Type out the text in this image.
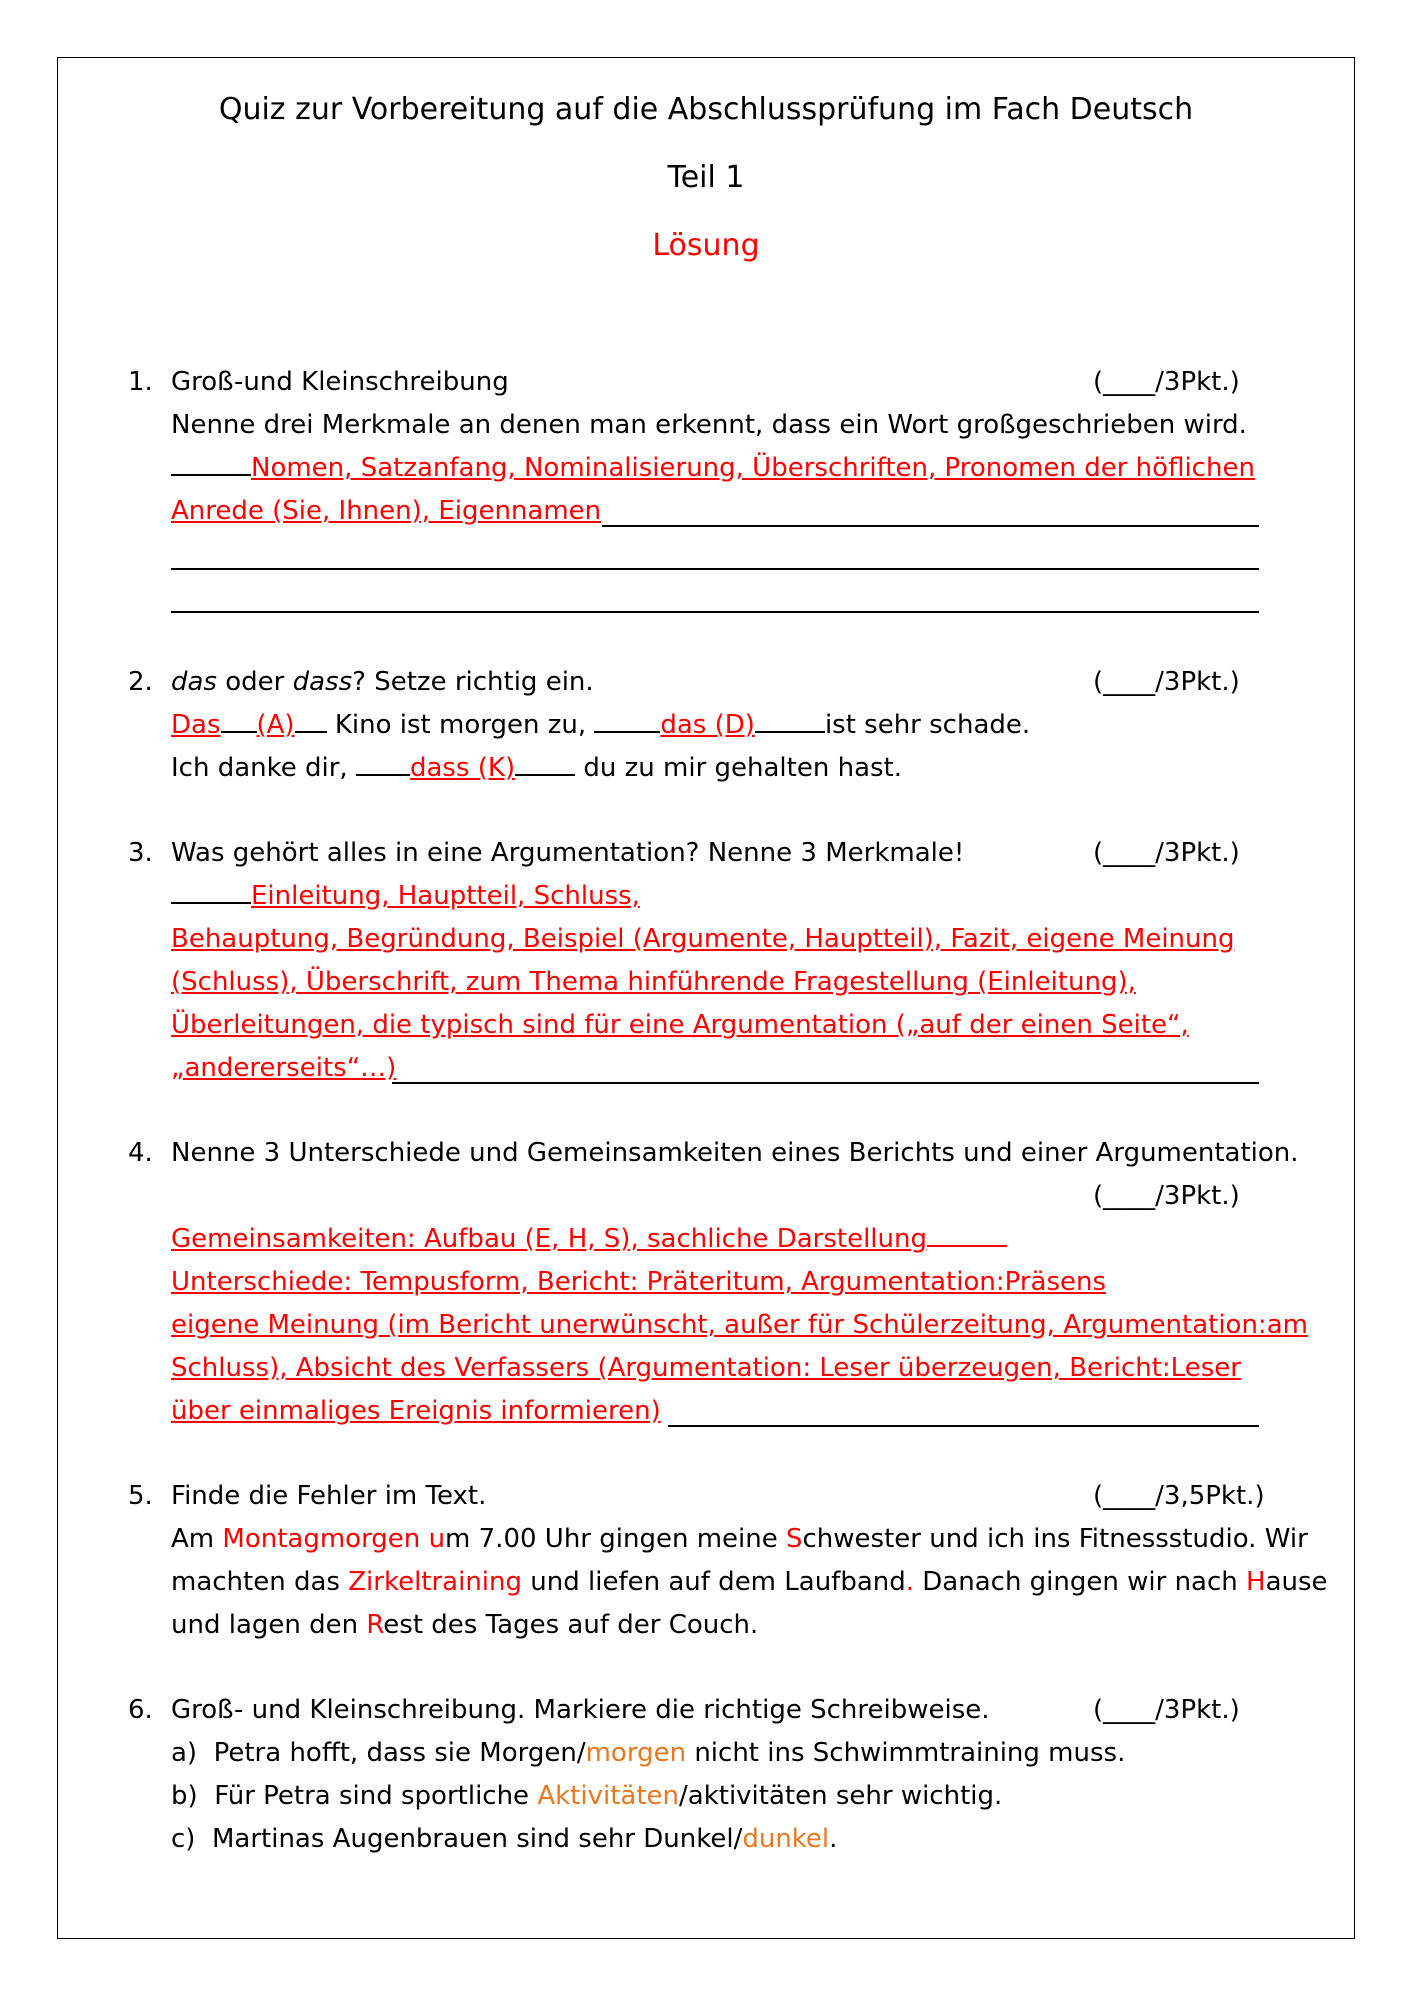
Quiz zur Vorbereitung auf die Abschlussprüfung im Fach Deutsch
Teil 1
Lösung
1. Groß-und Kleinschreibung	(____/3Pkt.)
Nenne drei Merkmale an denen man erkennt, dass ein Wort großgeschrieben wird.
Nomen, Satzanfang, Nominalisierung, Überschriften, Pronomen der höflichen
Anrede (Sie, Ihnen), Eigennamen
2. das oder dass? Setze richtig ein.	(____/3Pkt.)
Das (A) Kino ist morgen zu,	das (D)	ist sehr schade.
Ich danke dir, dass (K) du zu mir gehalten hast.
3. Was gehört alles in eine Argumentation? Nenne 3 Merkmale!	(____/3Pkt.)
Einleitung, Hauptteil, Schluss,
Behauptung, Begründung, Beispiel (Argumente, Hauptteil), Fazit, eigene Meinung
(Schluss), Überschrift, zum Thema hinführende Fragestellung (Einleitung),
Überleitungen, die typisch sind für eine Argumentation („auf der einen Seite“,
„andererseits“…)
4. Nenne 3 Unterschiede und Gemeinsamkeiten eines Berichts und einer Argumentation.
(____/3Pkt.)
Gemeinsamkeiten: Aufbau (E, H, S), sachliche Darstellung
Unterschiede: Tempusform, Bericht: Präteritum, Argumentation:Präsens
eigene Meinung (im Bericht unerwünscht, außer für Schülerzeitung, Argumentation:am
Schluss), Absicht des Verfassers (Argumentation: Leser überzeugen, Bericht:Leser
über einmaliges Ereignis informieren)
5. Finde die Fehler im Text.	(____/3,5Pkt.)
Am Montagmorgen um 7.00 Uhr gingen meine Schwester und ich ins Fitnessstudio. Wir
machten das Zirkeltraining und liefen auf dem Laufband. Danach gingen wir nach Hause
und lagen den Rest des Tages auf der Couch.
6. Groß- und Kleinschreibung. Markiere die richtige Schreibweise.	(____/3Pkt.)
a) Petra hofft, dass sie Morgen/morgen nicht ins Schwimmtraining muss.
b) Für Petra sind sportliche Aktivitäten/aktivitäten sehr wichtig.
c) Martinas Augenbrauen sind sehr Dunkel/dunkel.
